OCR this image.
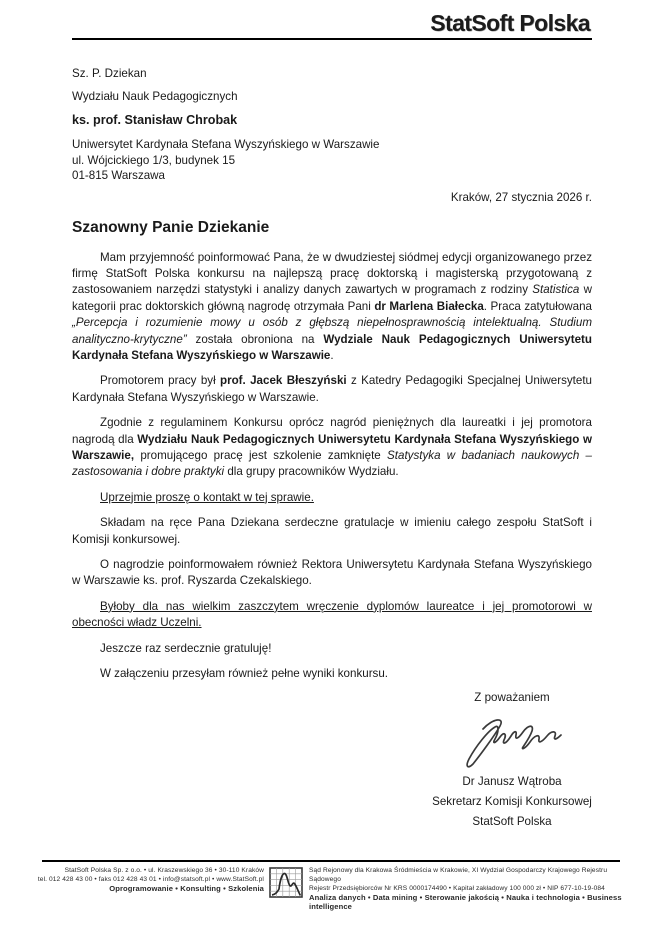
StatSoft Polska
Sz. P. Dziekan
Wydziału Nauk Pedagogicznych
ks. prof. Stanisław Chrobak
Uniwersytet Kardynała Stefana Wyszyńskiego w Warszawie
ul. Wójcickiego 1/3, budynek 15
01-815 Warszawa
Kraków, 27 stycznia 2026 r.
Szanowny Panie Dziekanie

Mam przyjemność poinformować Pana, że w dwudziestej siódmej edycji organizowanego przez firmę StatSoft Polska konkursu na najlepszą pracę doktorską i magisterską przygotowaną z zastosowaniem narzędzi statystyki i analizy danych zawartych w programach z rodziny Statistica w kategorii prac doktorskich główną nagrodę otrzymała Pani dr Marlena Białecka. Praca zatytułowana „Percepcja i rozumienie mowy u osób z głębszą niepełnosprawnością intelektualną. Studium analityczno-krytyczne” została obroniona na Wydziale Nauk Pedagogicznych Uniwersytetu Kardynała Stefana Wyszyńskiego w Warszawie.

Promotorem pracy był prof. Jacek Błeszyński z Katedry Pedagogiki Specjalnej Uniwersytetu Kardynała Stefana Wyszyńskiego w Warszawie.

Zgodnie z regulaminem Konkursu oprócz nagród pieniężnych dla laureatki i jej promotora nagrodą dla Wydziału Nauk Pedagogicznych Uniwersytetu Kardynała Stefana Wyszyńskiego w Warszawie, promującego pracę jest szkolenie zamknięte Statystyka w badaniach naukowych – zastosowania i dobre praktyki dla grupy pracowników Wydziału.

Uprzejmie proszę o kontakt w tej sprawie.

Składam na ręce Pana Dziekana serdeczne gratulacje w imieniu całego zespołu StatSoft i Komisji konkursowej.

O nagrodzie poinformowałem również Rektora Uniwersytetu Kardynała Stefana Wyszyńskiego w Warszawie ks. prof. Ryszarda Czekalskiego.

Byłoby dla nas wielkim zaszczytem wręczenie dyplomów laureatce i jej promotorowi w obecności władz Uczelni.

Jeszcze raz serdecznie gratuluję!

W załączeniu przesyłam również pełne wyniki konkursu.

Z poważaniem
Dr Janusz Wątroba
Sekretarz Komisji Konkursowej
StatSoft Polska
StatSoft Polska Sp. z o.o. • ul. Kraszewskiego 36 • 30-110 Kraków
tel. 012 428 43 00 • faks 012 428 43 01 • info@statsoft.pl • www.StatSoft.pl
Oprogramowanie • Konsulting • Szkolenia
Sąd Rejonowy dla Krakowa Śródmieścia w Krakowie, XI Wydział Gospodarczy Krajowego Rejestru Sądowego
Rejestr Przedsiębiorców Nr KRS 0000174490 • Kapitał zakładowy 100 000 zł • NIP 677-10-19-084
Analiza danych • Data mining • Sterowanie jakością • Nauka i technologia • Business intelligence
